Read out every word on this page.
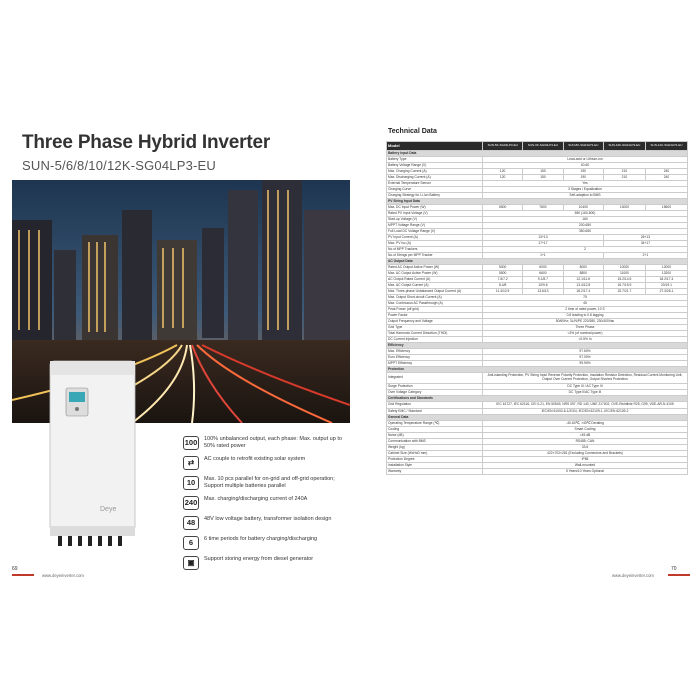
Three Phase Hybrid Inverter
SUN-5/6/8/10/12K-SG04LP3-EU
Deye
100	100% unbalanced output, each phase: Max. output up to 50% rated power
⇄	AC couple to retrofit existing solar system
10	Max. 10 pcs parallel for on-grid and off-grid operation; Support multiple batteries parallel
240	Max. charging/discharging current of 240A
48	48V low voltage battery, transformer isolation design
6	6 time periods for battery charging/discharging
▣	Support storing energy from diesel generator
69
www.deyeinverter.com
Technical Data
Model	SUN-5K-SG04LP3-EU	SUN-6K-SG04LP3-EU	SUN-8K-SG04LP3-EU	SUN-10K-SG04LP3-EU	SUN-12K-SG04LP3-EU
Battery Input Data					
Battery Type	Lead-acid or Lithium-ion				
Battery Voltage Range (V)	40-60				
Max. Charging Current (A)	120	150	190	210	240
Max. Discharging Current (A)	120	150	190	210	240
External Temperature Sensor	Yes				
Charging Curve	3 Stages / Equalization				
Charging Strategy for Li-Ion Battery	Self-adaption to BMS				
PV String Input Data					
Max. DC Input Power (W)	6500	7800	10400	13000	15600
Rated PV Input Voltage (V)	550 (160-800)				
Start-up Voltage (V)	160				
MPPT Voltage Range (V)	200-650				
Full Load DC Voltage Range (V)	350-650				
PV Input Current (A)	13+13			26+13	
Max. PV Isc (A)	17+17			34+17	
No.of MPP Trackers	2				
No.of Strings per MPP Tracker	1+1			2+1	
AC Output Data					
Rated AC Output Active Power (W)	5000	6000	8000	10000	12000
Max. AC Output Active Power (W)	5500	6600	8800	11000	13200
AC Output Rated Current (A)	7.6/7.2	9.1/8.7	12.1/11.6	15.2/14.5	18.2/17.4
Max. AC Output Current (A)	8.4/8	10/9.6	13.4/12.8	16.7/15.9	20/19.1
Max. Three-phase Unbalanced Output Current (A)	11.4/10.9	13.6/13	18.2/17.4	22.7/21.7	27.3/26.1
Max. Output Short-circuit Current (A)	75				
Max. Continuous AC Passthrough (A)	45				
Peak Power (off grid)	2 time of rated power, 10 S				
Power Factor	0.8 leading to 0.8 lagging				
Output Frequency and Voltage	50/60Hz; 3L/N/PE 220/380, 230/400Vac				
Grid Type	Three Phase				
Total Harmonic Current Distortion (THDi)	<3% (of nominal power)				
DC Current Injection	<0.5% In				
Efficiency					
Max. Efficiency	97.60%				
Euro Efficiency	97.00%				
MPPT Efficiency	99.90%				
Protection					
Integrated	Anti-islanding Protection, PV String Input Reverse Polarity Protection, Insulation Resistor Detection, Residual Current Monitoring Unit, Output Over Current Protection, Output Shorted Protection				
Surge Protection	DC Type III / AC Type III				
Over Voltage Category	DC Type II/AC Type III				
Certifications and Standards					
Grid Regulation	IEC 61727, IEC 62116, CEI 0-21, EN 50549, NRS 097, RD 140, UNE 217002, OVE-Richtlinie R25, G99, VDE-AR-N 4105				
Safety EMC / Standard	IEC/EN 61000-6-1/2/3/4, IEC/EN 62109-1, IEC/EN 62109-2				
General Data					
Operating Temperature Range (℃)	-40-60℃, >45℃ Derating				
Cooling	Smart Cooling				
Noise (dB)	<45 dB				
Communication with BMS	RS485; CAN				
Weight (kg)	33.6				
Cabinet Size (WxHxD mm)	422×702×281 (Excluding Connectors and Brackets)				
Protection Degree	IP65				
Installation Style	Wall-mounted				
Warranty	5 Years/10 Years Optional				
70
www.deyeinverter.com
